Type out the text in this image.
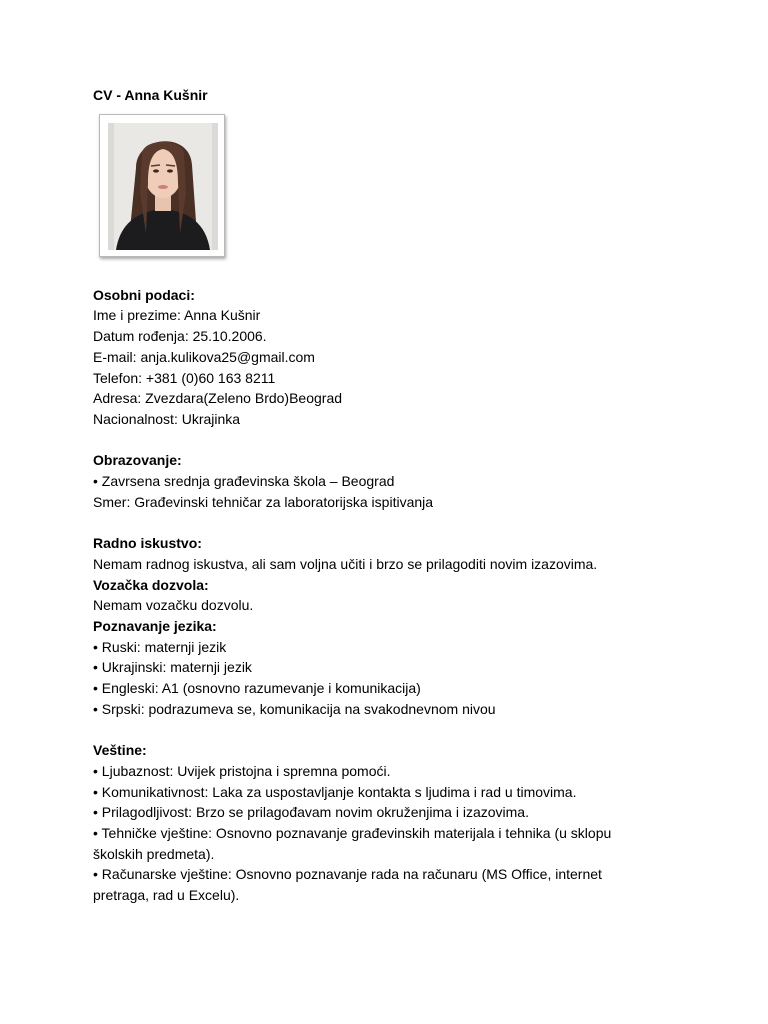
CV - Anna Kušnir

Osobni podaci:

Ime i prezime: Anna Kušnir

Datum rođenja: 25.10.2006.

E-mail: anja.kulikova25@gmail.com

Telefon: +381 (0)60 163 8211

Adresa: Zvezdara(Zeleno Brdo)Beograd

Nacionalnost: Ukrajinka

Obrazovanje:

• Zavrsena srednja građevinska škola – Beograd

Smer: Građevinski tehničar za laboratorijska ispitivanja

Radno iskustvo:

Nemam radnog iskustva, ali sam voljna učiti i brzo se prilagoditi novim izazovima.

Vozačka dozvola:

Nemam vozačku dozvolu.

Poznavanje jezika:

• Ruski: maternji jezik

• Ukrajinski: maternji jezik

• Engleski: A1 (osnovno razumevanje i komunikacija)

• Srpski: podrazumeva se, komunikacija na svakodnevnom nivou

Veštine:

• Ljubaznost: Uvijek pristojna i spremna pomoći.

• Komunikativnost: Laka za uspostavljanje kontakta s ljudima i rad u timovima.

• Prilagodljivost: Brzo se prilagođavam novim okruženjima i izazovima.

• Tehničke vještine: Osnovno poznavanje građevinskih materijala i tehnika (u sklopu školskih predmeta).

• Računarske vještine: Osnovno poznavanje rada na računaru (MS Office, internet pretraga, rad u Excelu).
